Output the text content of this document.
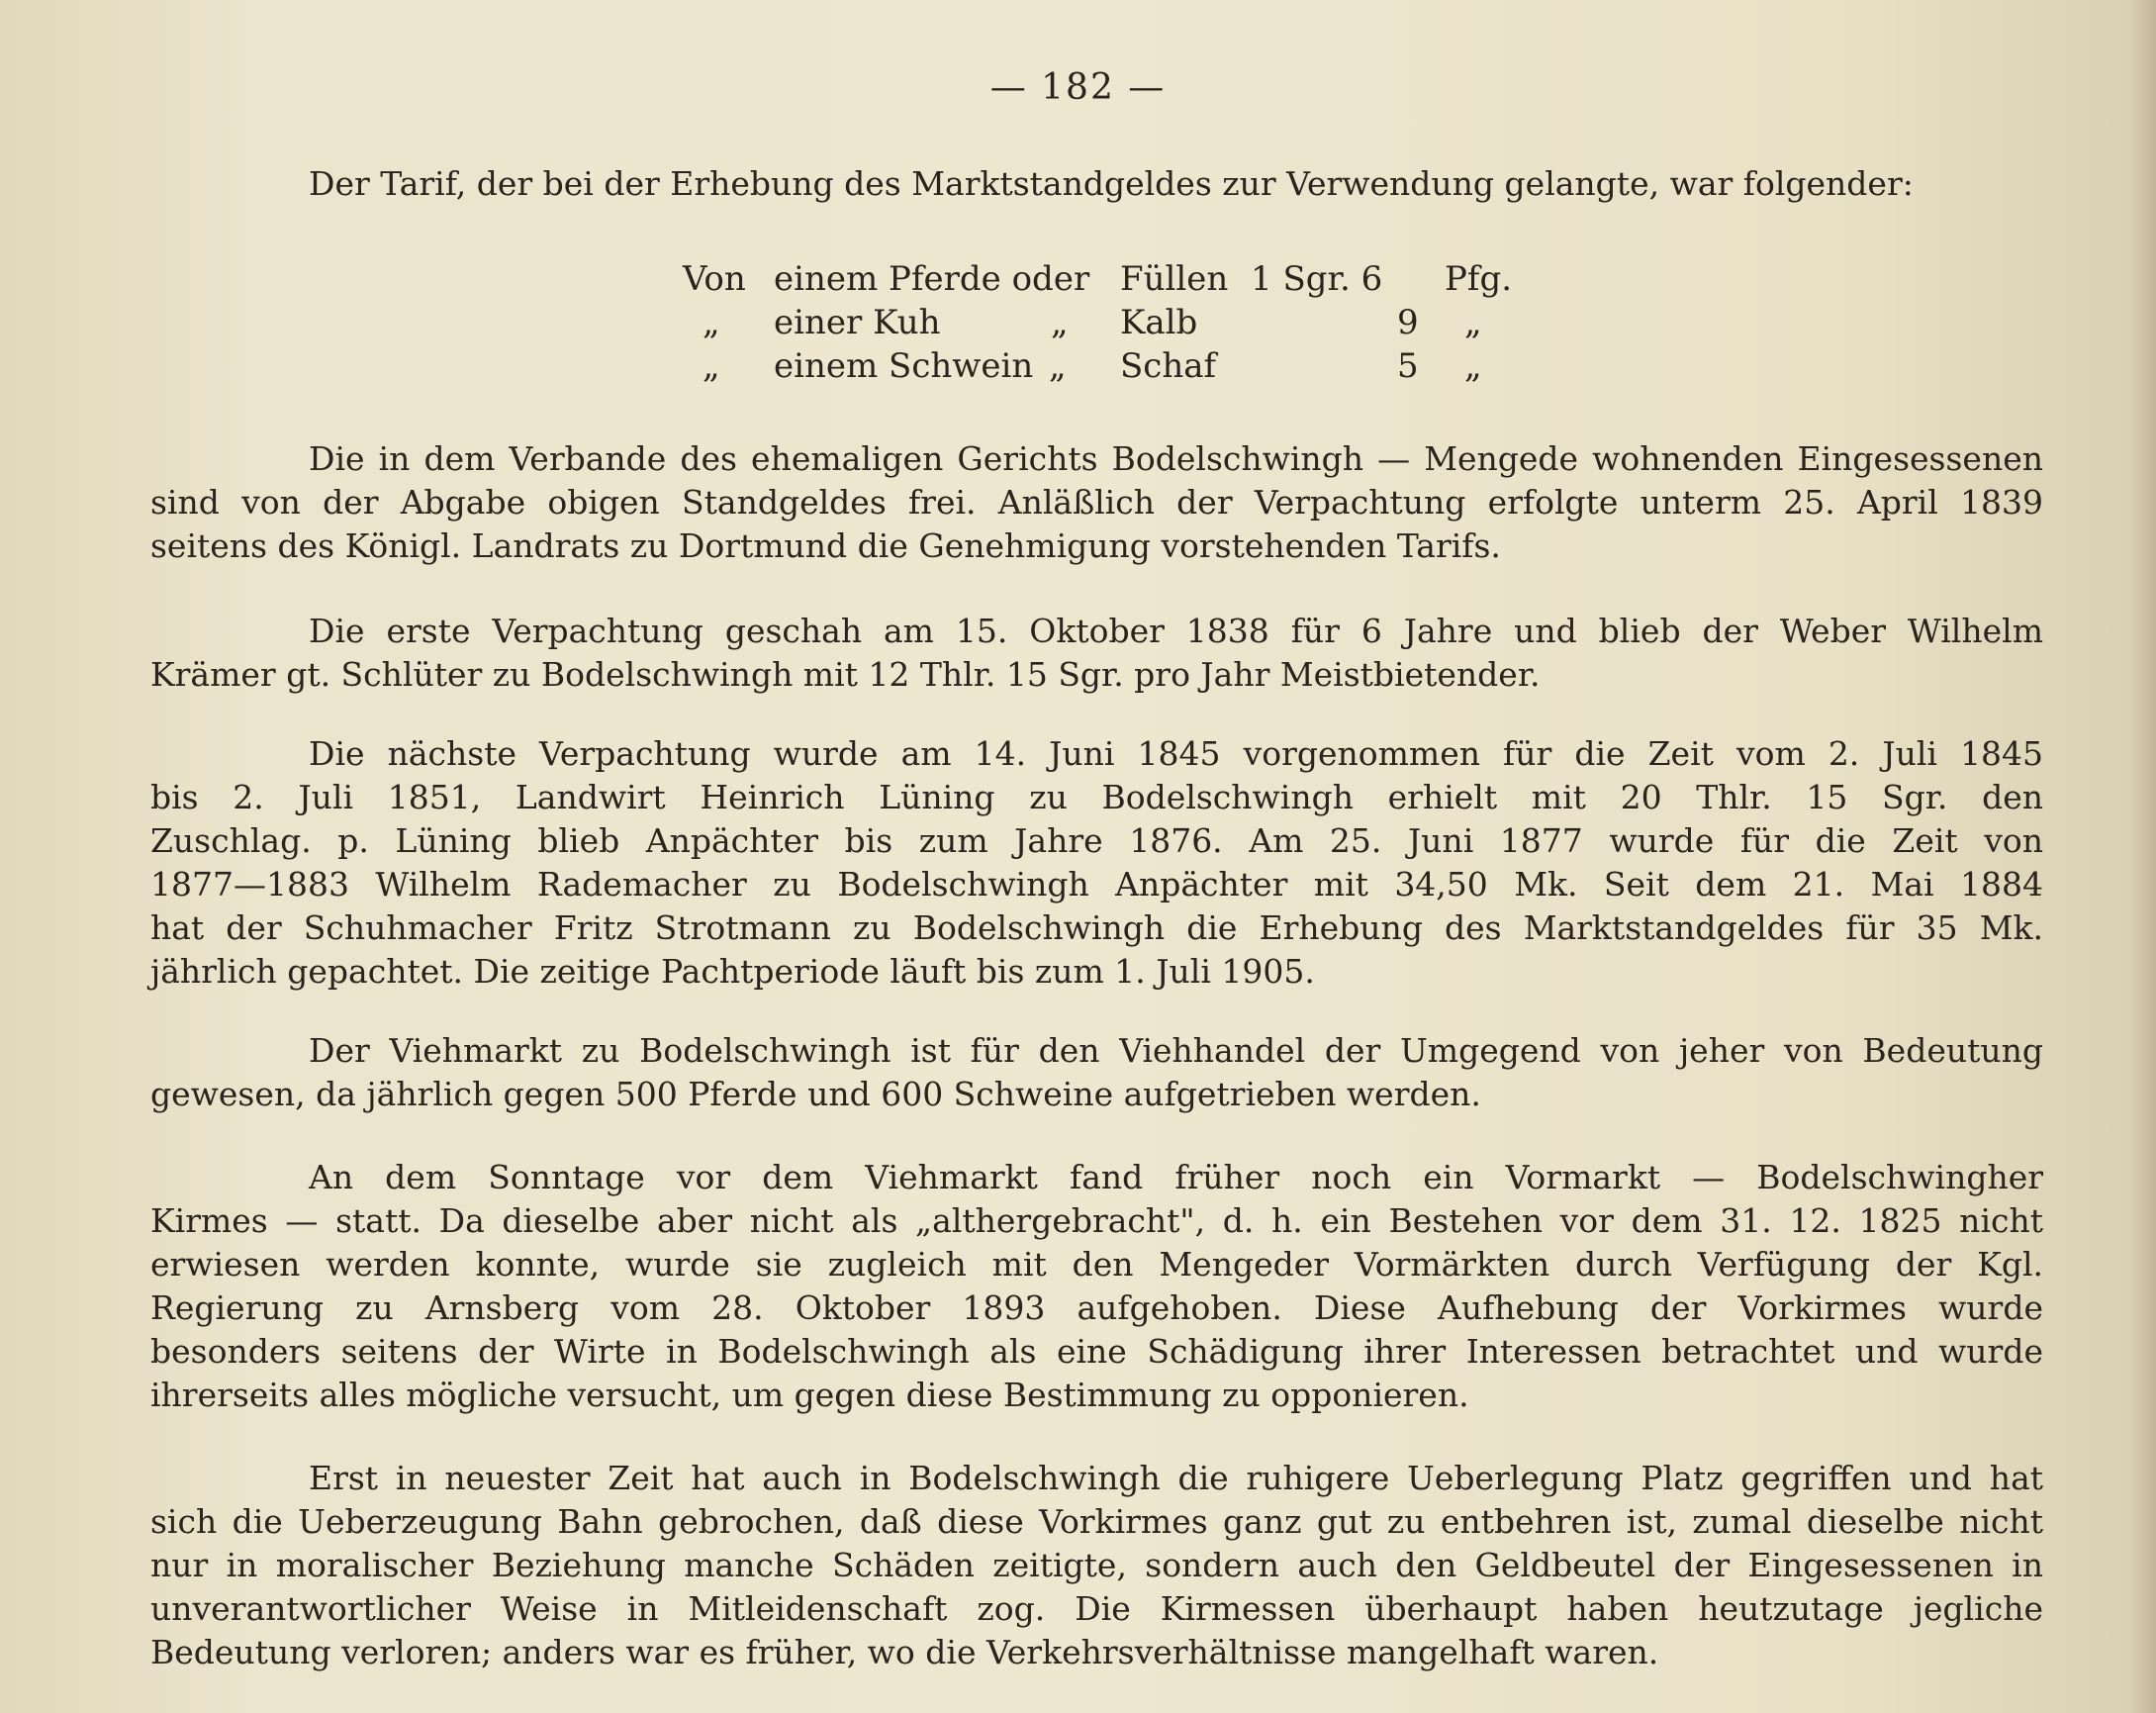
— 182 —
Der Tarif, der bei der Erhebung des Marktstandgeldes zur Verwendung gelangte, war folgender:
Von einem Pferde oder Füllen 1 Sgr. 6 Pfg.
„ einer Kuh	„ Kalb	9 „
„ einem Schwein „ Schaf	5 „
Die in dem Verbande des ehemaligen Gerichts Bodelschwingh — Mengede wohnenden Eingesessenen
sind von der Abgabe obigen Standgeldes frei. Anläßlich der Verpachtung erfolgte unterm 25. April 1839
seitens des Königl. Landrats zu Dortmund die Genehmigung vorstehenden Tarifs.
Die erste Verpachtung geschah am 15. Oktober 1838 für 6 Jahre und blieb der Weber Wilhelm
Krämer gt. Schlüter zu Bodelschwingh mit 12 Thlr. 15 Sgr. pro Jahr Meistbietender.
Die nächste Verpachtung wurde am 14. Juni 1845 vorgenommen für die Zeit vom 2. Juli 1845
bis 2. Juli 1851, Landwirt Heinrich Lüning zu Bodelschwingh erhielt mit 20 Thlr. 15 Sgr. den
Zuschlag. p. Lüning blieb Anpächter bis zum Jahre 1876. Am 25. Juni 1877 wurde für die Zeit von
1877—1883 Wilhelm Rademacher zu Bodelschwingh Anpächter mit 34,50 Mk. Seit dem 21. Mai 1884
hat der Schuhmacher Fritz Strotmann zu Bodelschwingh die Erhebung des Marktstandgeldes für 35 Mk.
jährlich gepachtet. Die zeitige Pachtperiode läuft bis zum 1. Juli 1905.
Der Viehmarkt zu Bodelschwingh ist für den Viehhandel der Umgegend von jeher von Bedeutung
gewesen, da jährlich gegen 500 Pferde und 600 Schweine aufgetrieben werden.
An dem Sonntage vor dem Viehmarkt fand früher noch ein Vormarkt — Bodelschwingher
Kirmes — statt. Da dieselbe aber nicht als „althergebracht", d. h. ein Bestehen vor dem 31. 12. 1825 nicht
erwiesen werden konnte, wurde sie zugleich mit den Mengeder Vormärkten durch Verfügung der Kgl.
Regierung zu Arnsberg vom 28. Oktober 1893 aufgehoben. Diese Aufhebung der Vorkirmes wurde
besonders seitens der Wirte in Bodelschwingh als eine Schädigung ihrer Interessen betrachtet und wurde
ihrerseits alles mögliche versucht, um gegen diese Bestimmung zu opponieren.
Erst in neuester Zeit hat auch in Bodelschwingh die ruhigere Ueberlegung Platz gegriffen und hat
sich die Ueberzeugung Bahn gebrochen, daß diese Vorkirmes ganz gut zu entbehren ist, zumal dieselbe nicht
nur in moralischer Beziehung manche Schäden zeitigte, sondern auch den Geldbeutel der Eingesessenen in
unverantwortlicher Weise in Mitleidenschaft zog. Die Kirmessen überhaupt haben heutzutage jegliche
Bedeutung verloren; anders war es früher, wo die Verkehrsverhältnisse mangelhaft waren.
